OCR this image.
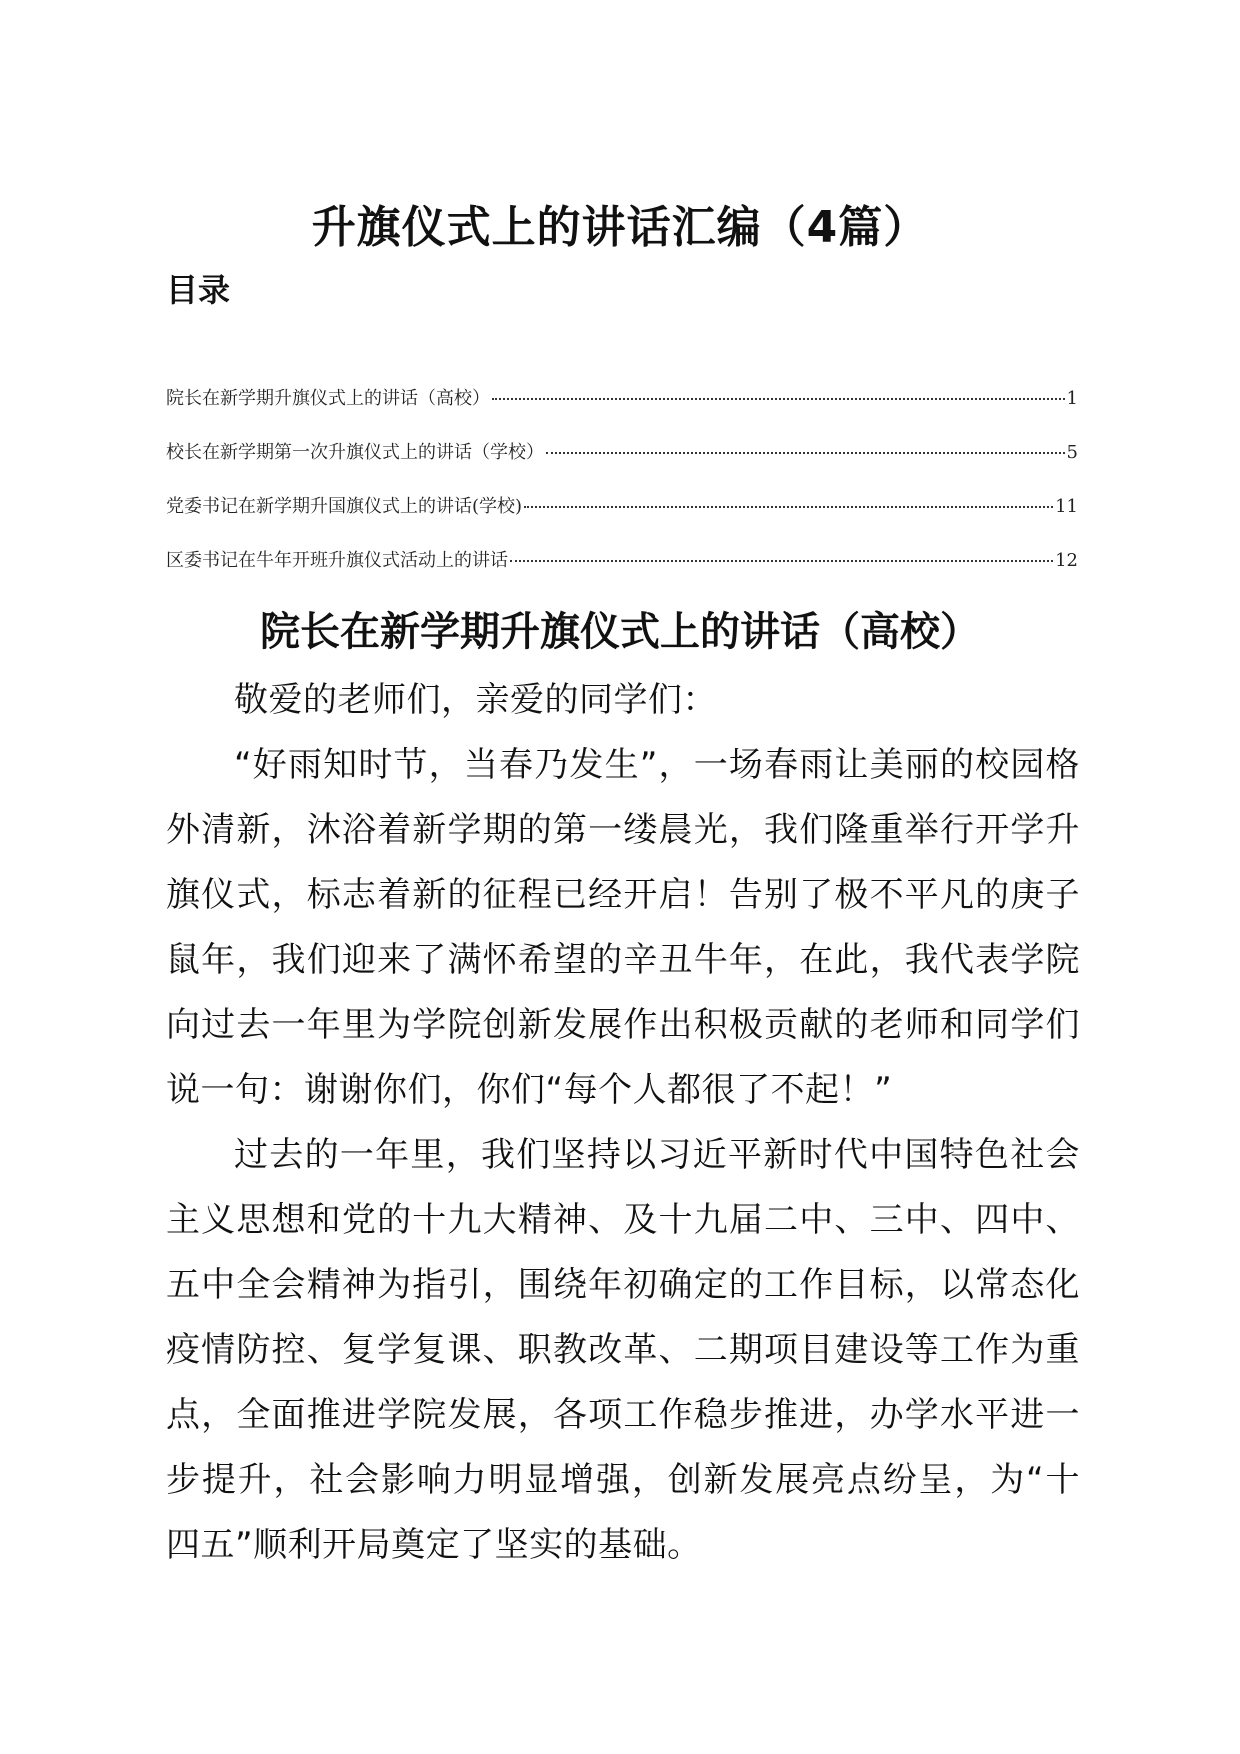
升旗仪式上的讲话汇编（4篇）
目录
院长在新学期升旗仪式上的讲话（高校）	1
校长在新学期第一次升旗仪式上的讲话（学校）	5
党委书记在新学期升国旗仪式上的讲话(学校)	11
区委书记在牛年开班升旗仪式活动上的讲话	12
院长在新学期升旗仪式上的讲话（高校）

敬爱的老师们，亲爱的同学们：

“好雨知时节，当春乃发生”，一场春雨让美丽的校园格外清新，沐浴着新学期的第一缕晨光，我们隆重举行开学升旗仪式，标志着新的征程已经开启！告别了极不平凡的庚子鼠年，我们迎来了满怀希望的辛丑牛年，在此，我代表学院向过去一年里为学院创新发展作出积极贡献的老师和同学们说一句：谢谢你们，你们“每个人都很了不起！”

过去的一年里，我们坚持以习近平新时代中国特色社会主义思想和党的十九大精神、及十九届二中、三中、四中、五中全会精神为指引，围绕年初确定的工作目标，以常态化疫情防控、复学复课、职教改革、二期项目建设等工作为重点，全面推进学院发展，各项工作稳步推进，办学水平进一步提升，社会影响力明显增强，创新发展亮点纷呈，为“十四五”顺利开局奠定了坚实的基础。
